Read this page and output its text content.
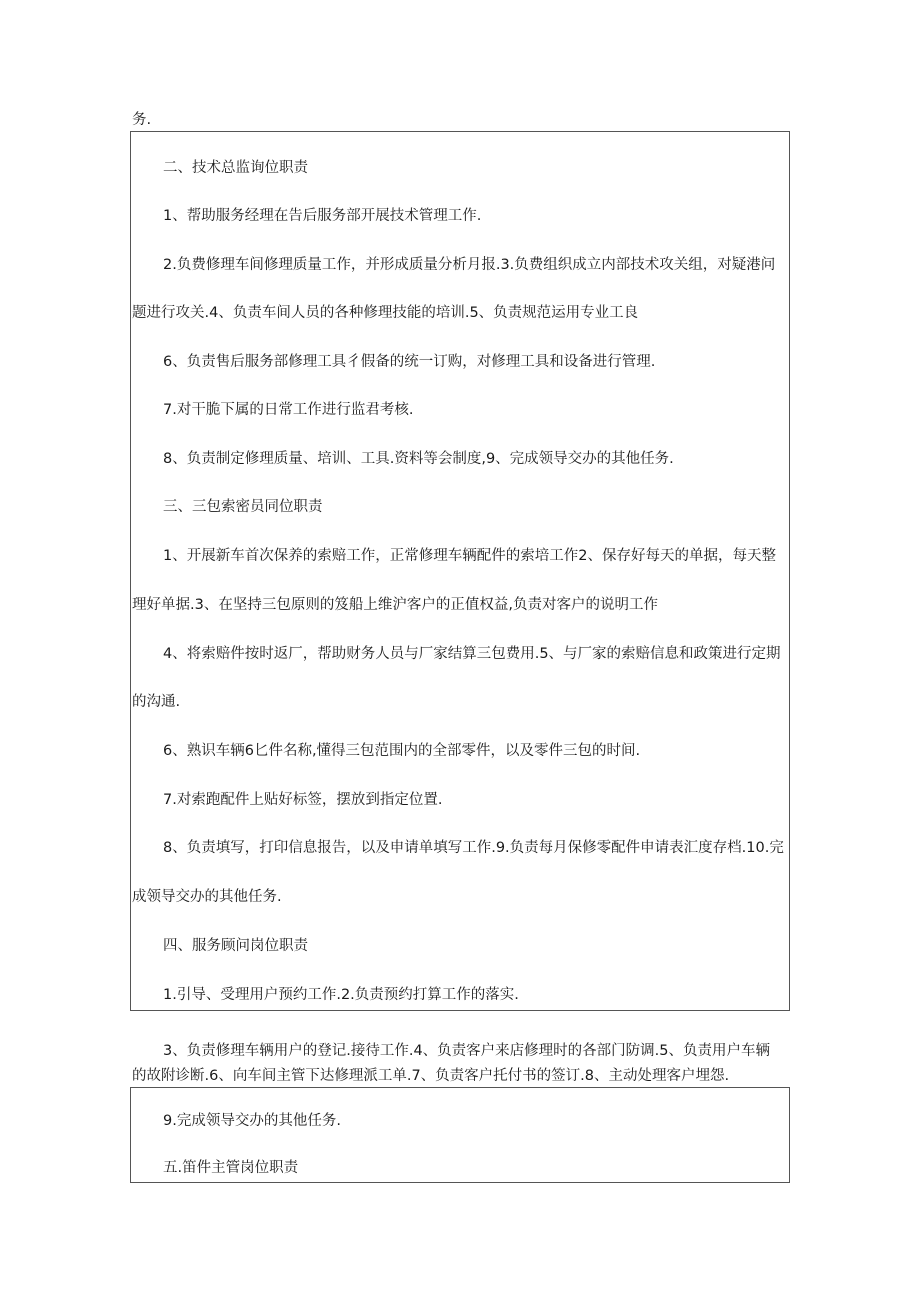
务.
二、技术总监询位职责
1、帮助服务经理在告后服务部开展技术管理工作.
2.负费修理车间修理质量工作，并形成质量分析月报.3.负费组织成立内部技术攻关组，对疑港问
题进行攻关.4、负责车间人员的各种修理技能的培训.5、负责规范运用专业工良
6、负责售后服务部修理工具彳假备的统一订购，对修理工具和设备进行管理.
7.对干脆下属的日常工作进行监君考核.
8、负责制定修理质量、培训、工具.资料等会制度,9、完成领导交办的其他任务.
三、三包索密员同位职责
1、开展新车首次保养的索赔工作，正常修理车辆配件的索培工作2、保存好每天的单据，每天整
理好单据.3、在坚持三包原则的笈船上维沪客户的正值权益,负责对客户的说明工作
4、将索赔件按时返厂，帮助财务人员与厂家结算三包费用.5、与厂家的索赔信息和政策进行定期
的沟通.
6、熟识车辆6匕件名称,懂得三包范围内的全部零件，以及零件三包的时间.
7.对索跑配件上贴好标签，摆放到指定位置.
8、负责填写，打印信息报告，以及申请单填写工作.9.负责每月保修零配件申请表汇度存档.10.完
成领导交办的其他任务.
四、服务顾问岗位职责
1.引导、受理用户预约工作.2.负责预约打算工作的落实.
3、负责修理车辆用户的登记.接待工作.4、负责客户来店修理时的各部门防调.5、负责用户车辆
的故附诊断.6、向车间主管下达修理派工单.7、负责客户托付书的签订.8、主动处理客户埋怨.
9.完成领导交办的其他任务.
五.笛件主管岗位职责
